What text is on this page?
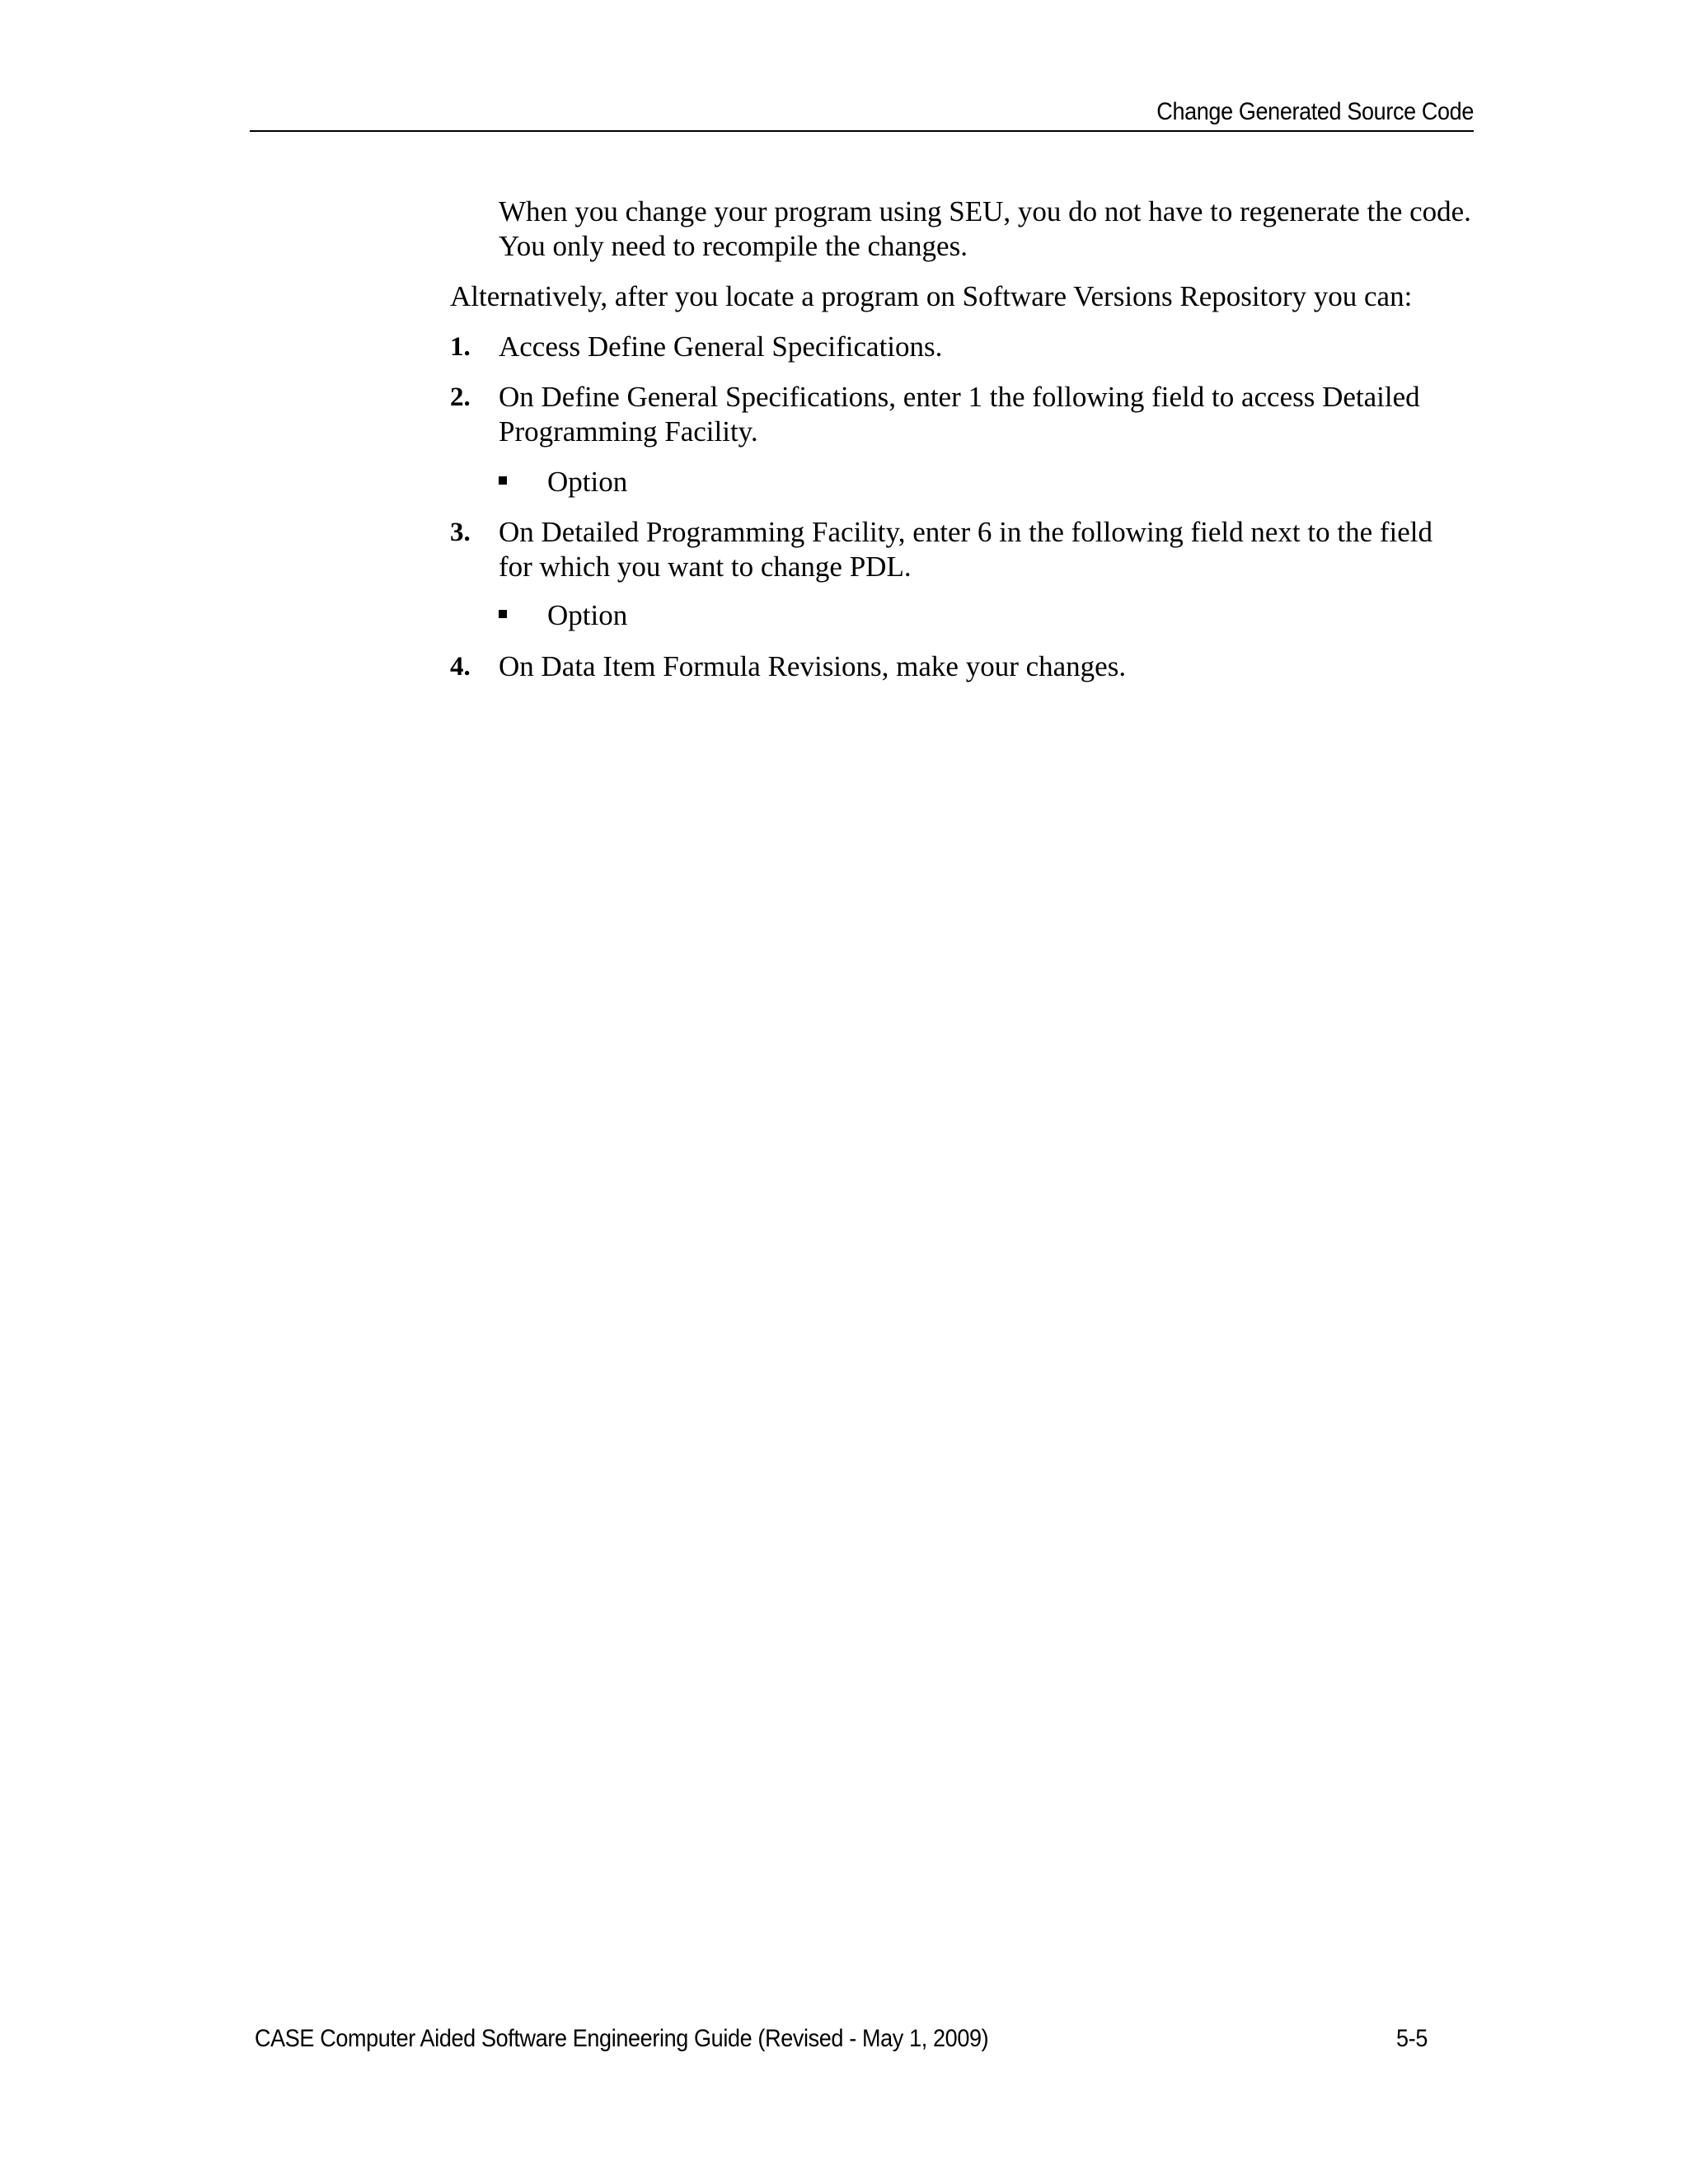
Change Generated Source Code
When you change your program using SEU, you do not have to regenerate the code. You only need to recompile the changes.
Alternatively, after you locate a program on Software Versions Repository you can:
1. Access Define General Specifications.
2. On Define General Specifications, enter 1 the following field to access Detailed Programming Facility.
Option
3. On Detailed Programming Facility, enter 6 in the following field next to the field for which you want to change PDL.
Option
4. On Data Item Formula Revisions, make your changes.
CASE Computer Aided Software Engineering Guide (Revised - May 1, 2009)	5-5
